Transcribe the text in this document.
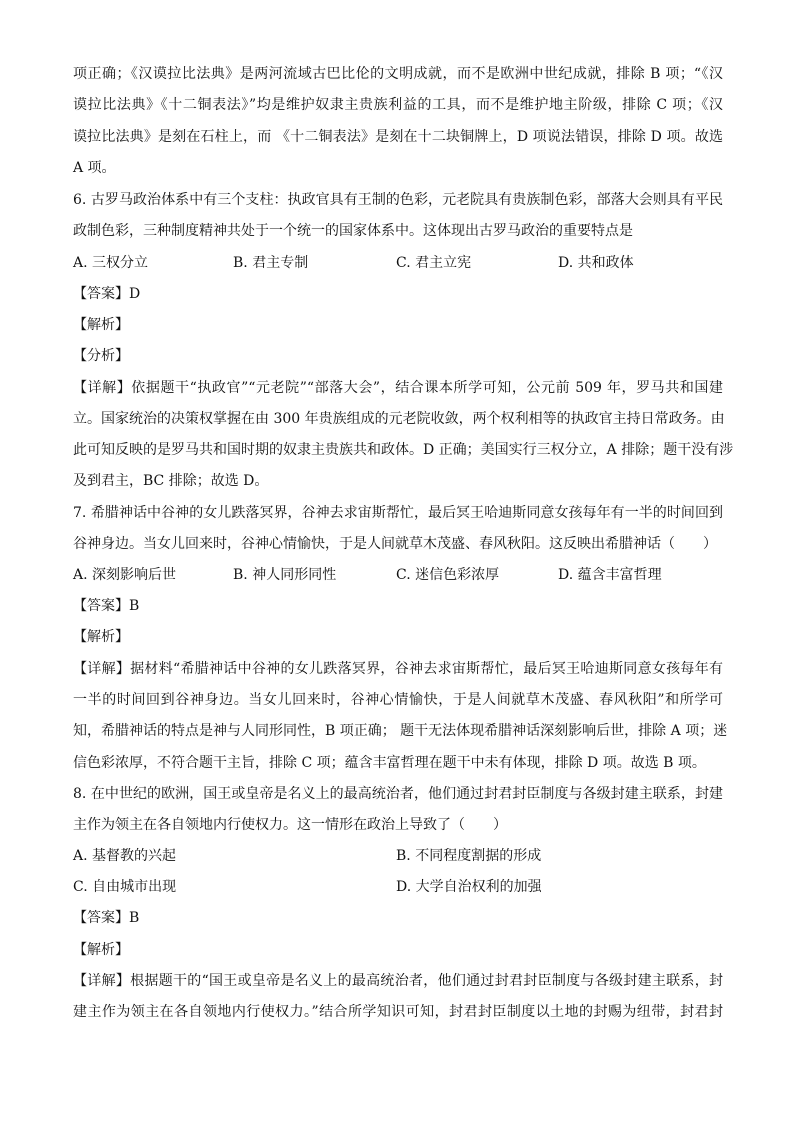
项正确；《汉谟拉比法典》是两河流域古巴比伦的文明成就，而不是欧洲中世纪成就，排除 B 项；“《汉
谟拉比法典》《十二铜表法》”均是维护奴隶主贵族利益的工具，而不是维护地主阶级，排除 C 项；《汉
谟拉比法典》是刻在石柱上，而 《十二铜表法》是刻在十二块铜牌上，D 项说法错误，排除 D 项。故选
A 项。
6. 古罗马政治体系中有三个支柱：执政官具有王制的色彩，元老院具有贵族制色彩，部落大会则具有平民
政制色彩，三种制度精神共处于一个统一的国家体系中。这体现出古罗马政治的重要特点是
A. 三权分立	B. 君主专制	C. 君主立宪	D. 共和政体
【答案】D
【解析】
【分析】
【详解】依据题干“执政官”“元老院”“部落大会”，结合课本所学可知，公元前 509 年，罗马共和国建
立。国家统治的决策权掌握在由 300 年贵族组成的元老院收敛，两个权利相等的执政官主持日常政务。由
此可知反映的是罗马共和国时期的奴隶主贵族共和政体。D 正确；美国实行三权分立，A 排除；题干没有涉
及到君主，BC 排除；故选 D。
7. 希腊神话中谷神的女儿跌落冥界，谷神去求宙斯帮忙，最后冥王哈迪斯同意女孩每年有一半的时间回到
谷神身边。当女儿回来时，谷神心情愉快，于是人间就草木茂盛、春风秋阳。这反映出希腊神话（　　）
A. 深刻影响后世	B. 神人同形同性	C. 迷信色彩浓厚	D. 蕴含丰富哲理
【答案】B
【解析】
【详解】据材料“希腊神话中谷神的女儿跌落冥界，谷神去求宙斯帮忙，最后冥王哈迪斯同意女孩每年有
一半的时间回到谷神身边。当女儿回来时，谷神心情愉快，于是人间就草木茂盛、春风秋阳”和所学可
知，希腊神话的特点是神与人同形同性，B 项正确； 题干无法体现希腊神话深刻影响后世，排除 A 项；迷
信色彩浓厚，不符合题干主旨，排除 C 项；蕴含丰富哲理在题干中未有体现，排除 D 项。故选 B 项。
8. 在中世纪的欧洲，国王或皇帝是名义上的最高统治者，他们通过封君封臣制度与各级封建主联系，封建
主作为领主在各自领地内行使权力。这一情形在政治上导致了（　　）
A. 基督教的兴起	B. 不同程度割据的形成
C. 自由城市出现	D. 大学自治权利的加强
【答案】B
【解析】
【详解】根据题干的“国王或皇帝是名义上的最高统治者，他们通过封君封臣制度与各级封建主联系，封
建主作为领主在各自领地内行使权力。”结合所学知识可知，封君封臣制度以土地的封赐为纽带，封君封
